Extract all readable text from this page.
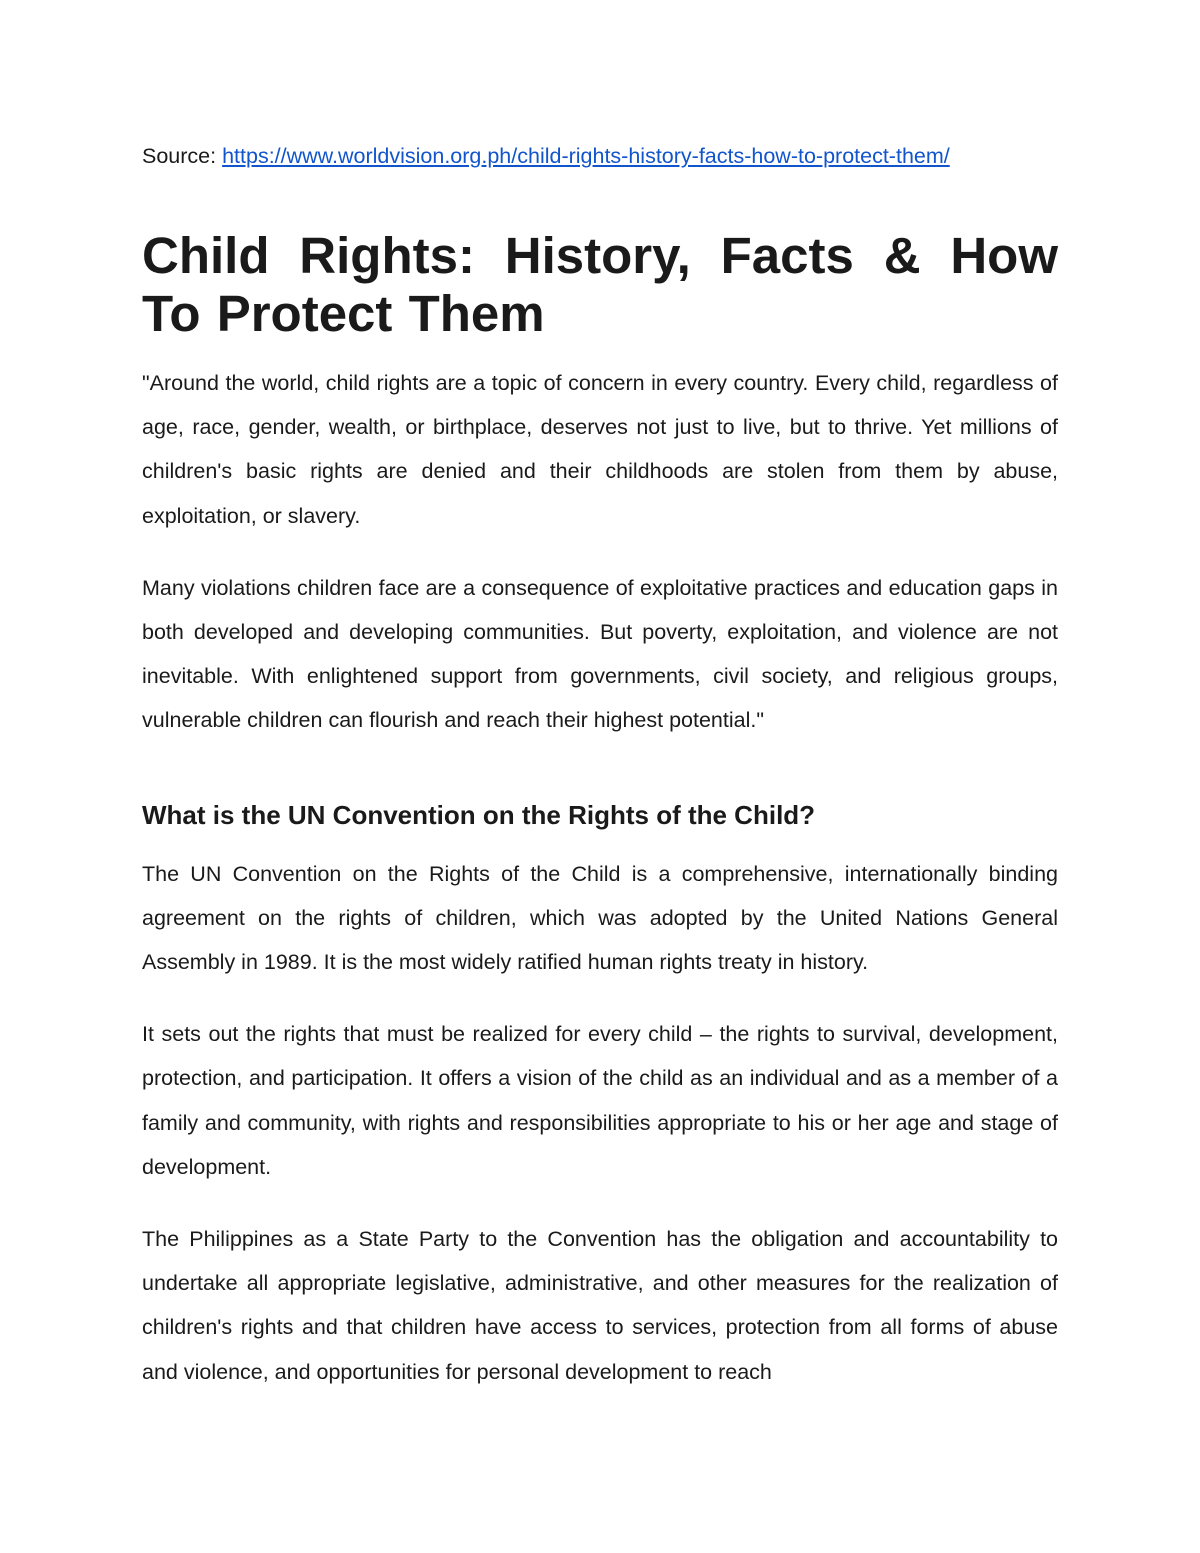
Source: https://www.worldvision.org.ph/child-rights-history-facts-how-to-protect-them/

Child Rights: History, Facts & How To Protect Them

"Around the world, child rights are a topic of concern in every country. Every child, regardless of age, race, gender, wealth, or birthplace, deserves not just to live, but to thrive. Yet millions of children's basic rights are denied and their childhoods are stolen from them by abuse, exploitation, or slavery.

Many violations children face are a consequence of exploitative practices and education gaps in both developed and developing communities. But poverty, exploitation, and violence are not inevitable. With enlightened support from governments, civil society, and religious groups, vulnerable children can flourish and reach their highest potential."

What is the UN Convention on the Rights of the Child?

The UN Convention on the Rights of the Child is a comprehensive, internationally binding agreement on the rights of children, which was adopted by the United Nations General Assembly in 1989. It is the most widely ratified human rights treaty in history.

It sets out the rights that must be realized for every child – the rights to survival, development, protection, and participation. It offers a vision of the child as an individual and as a member of a family and community, with rights and responsibilities appropriate to his or her age and stage of development.

The Philippines as a State Party to the Convention has the obligation and accountability to undertake all appropriate legislative, administrative, and other measures for the realization of children's rights and that children have access to services, protection from all forms of abuse and violence, and opportunities for personal development to reach
